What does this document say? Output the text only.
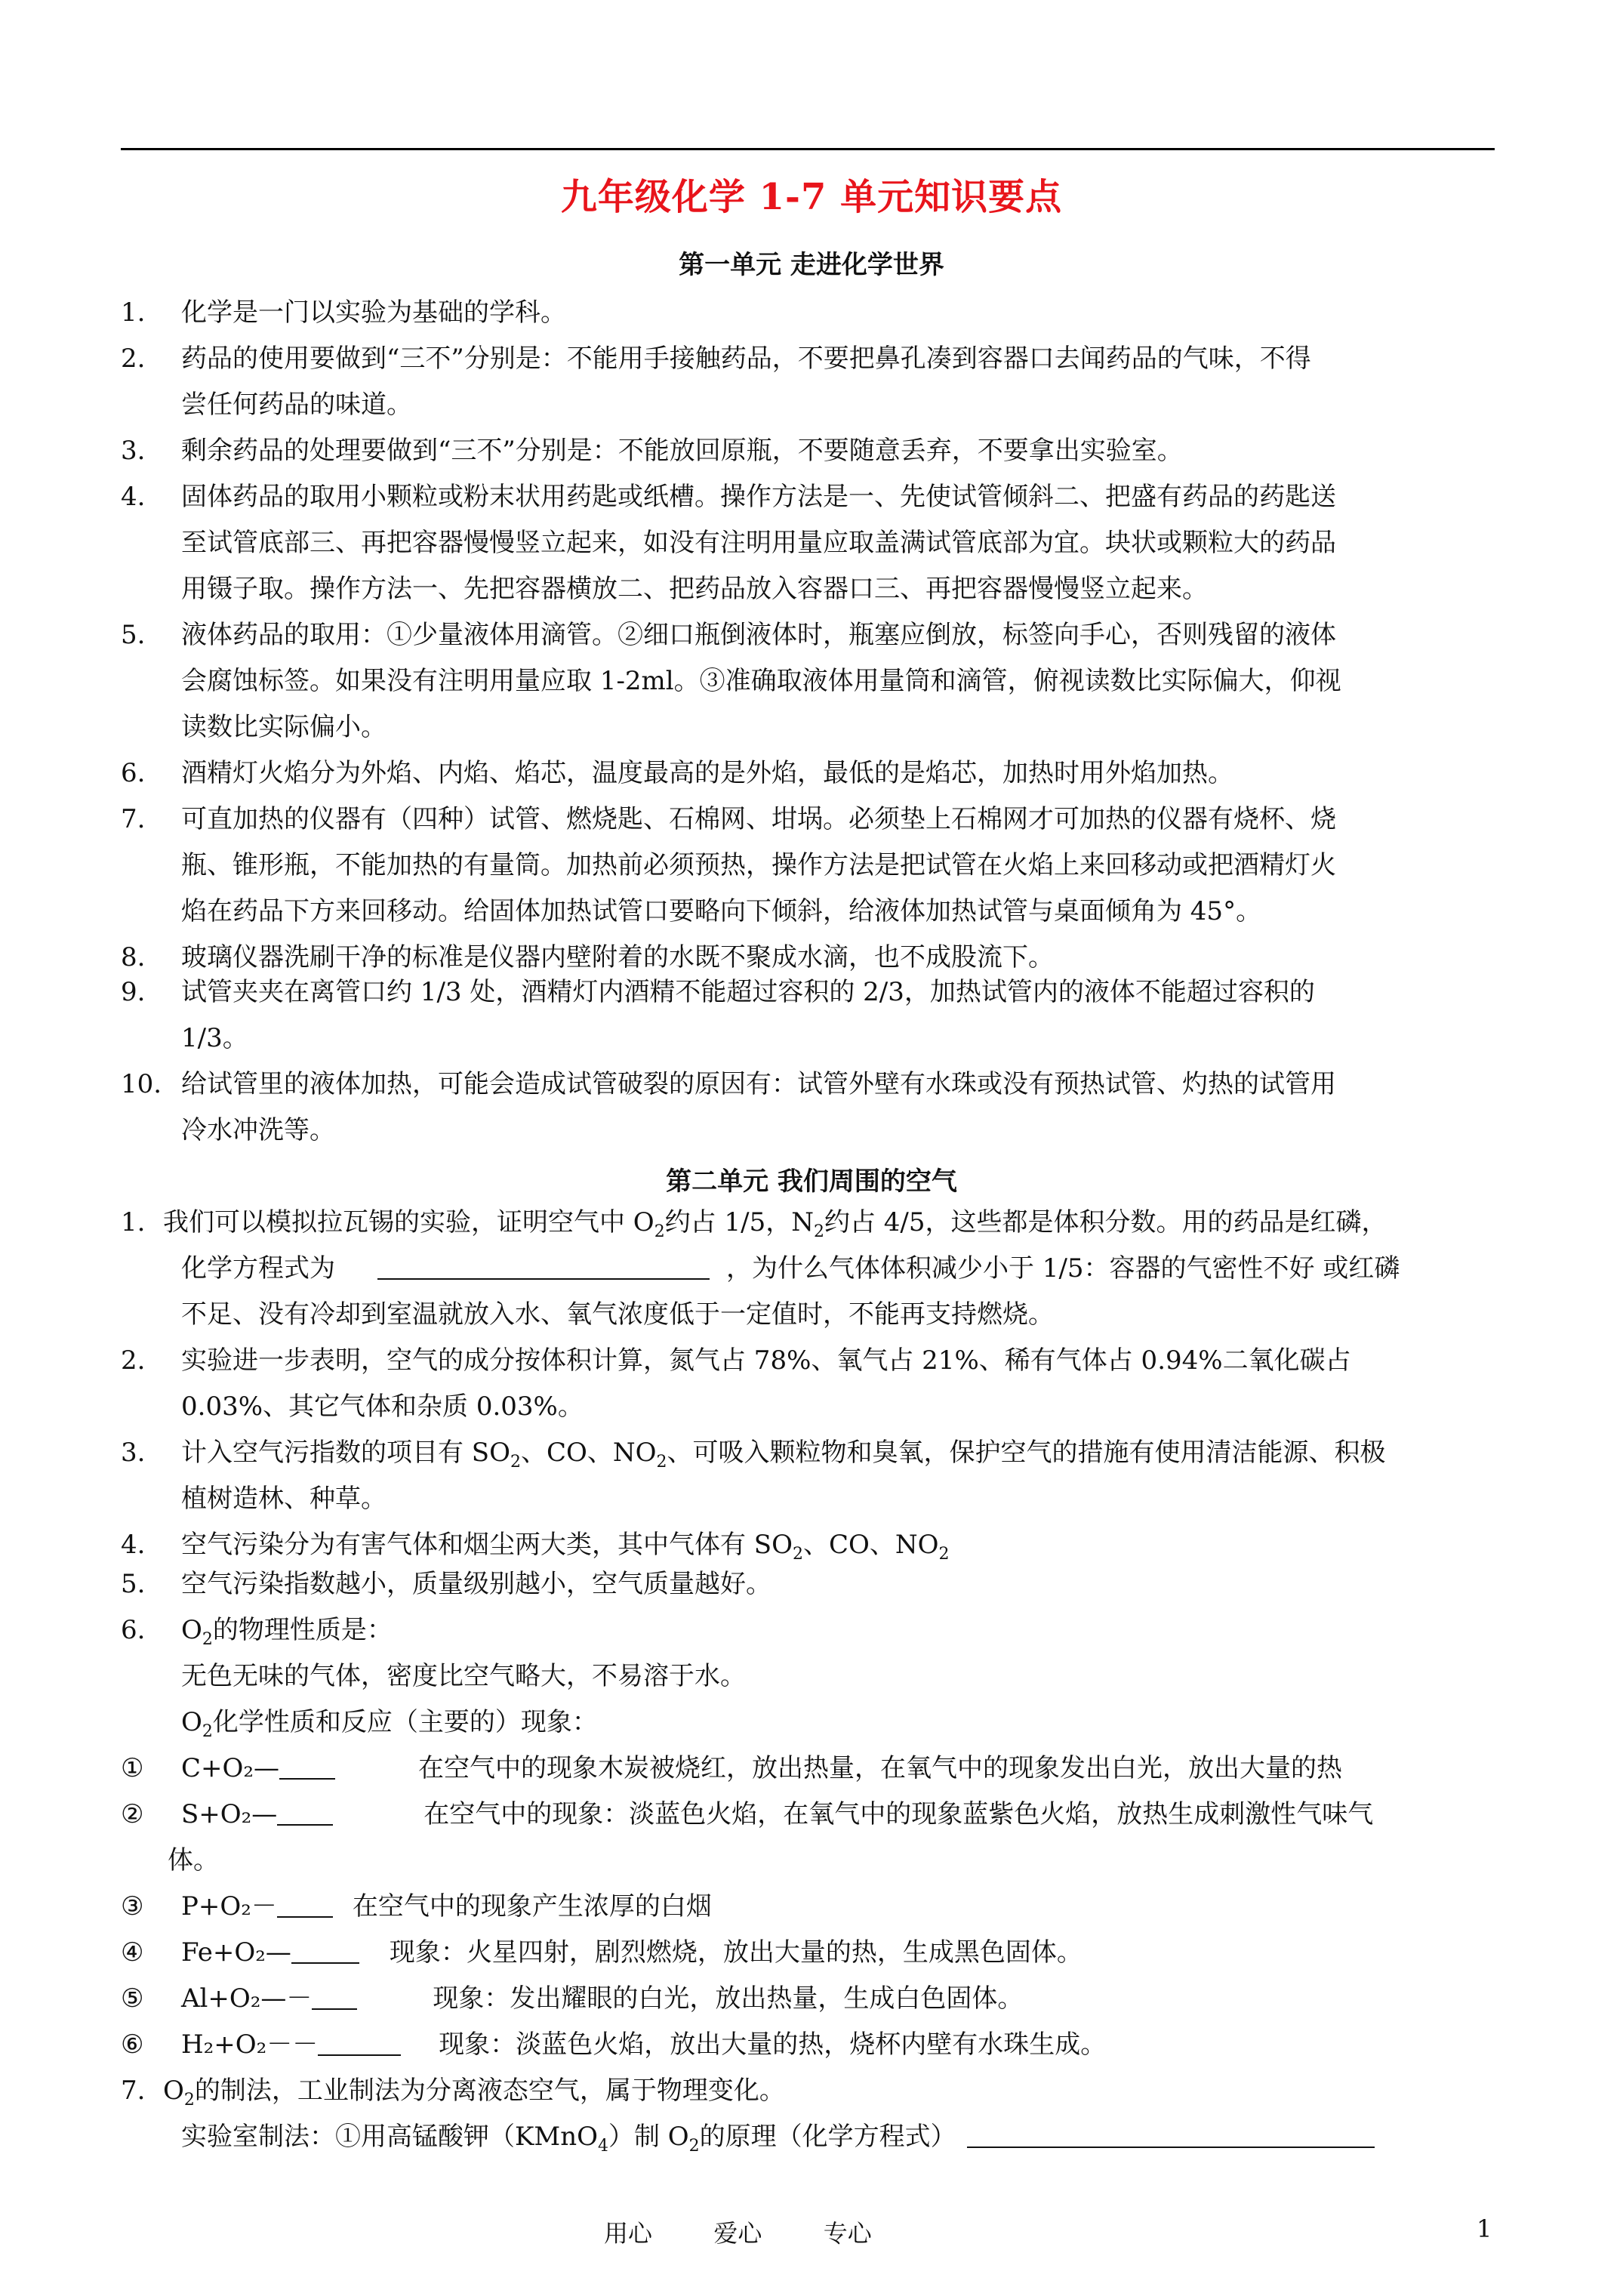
九年级化学 1-7 单元知识要点
第一单元 走进化学世界
1. 化学是一门以实验为基础的学科。
2. 药品的使用要做到“三不”分别是：不能用手接触药品，不要把鼻孔凑到容器口去闻药品的气味，不得
尝任何药品的味道。
3. 剩余药品的处理要做到“三不”分别是：不能放回原瓶，不要随意丢弃，不要拿出实验室。
4. 固体药品的取用小颗粒或粉末状用药匙或纸槽。操作方法是一、先使试管倾斜二、把盛有药品的药匙送
至试管底部三、再把容器慢慢竖立起来，如没有注明用量应取盖满试管底部为宜。块状或颗粒大的药品
用镊子取。操作方法一、先把容器横放二、把药品放入容器口三、再把容器慢慢竖立起来。
5. 液体药品的取用：①少量液体用滴管。②细口瓶倒液体时，瓶塞应倒放，标签向手心，否则残留的液体
会腐蚀标签。如果没有注明用量应取 1-2ml。③准确取液体用量筒和滴管，俯视读数比实际偏大，仰视
读数比实际偏小。
6. 酒精灯火焰分为外焰、内焰、焰芯，温度最高的是外焰，最低的是焰芯，加热时用外焰加热。
7. 可直加热的仪器有（四种）试管、燃烧匙、石棉网、坩埚。必须垫上石棉网才可加热的仪器有烧杯、烧
瓶、锥形瓶，不能加热的有量筒。加热前必须预热，操作方法是把试管在火焰上来回移动或把酒精灯火
焰在药品下方来回移动。给固体加热试管口要略向下倾斜，给液体加热试管与桌面倾角为 45°。
8. 玻璃仪器洗刷干净的标准是仪器内壁附着的水既不聚成水滴，也不成股流下。
9. 试管夹夹在离管口约 1/3 处，酒精灯内酒精不能超过容积的 2/3，加热试管内的液体不能超过容积的
1/3。
10. 给试管里的液体加热，可能会造成试管破裂的原因有：试管外壁有水珠或没有预热试管、灼热的试管用
冷水冲洗等。
第二单元 我们周围的空气
1. 我们可以模拟拉瓦锡的实验，证明空气中 $O_2$约占 1/5，$N_2$约占 4/5，这些都是体积分数。用的药品是红磷，
化学方程式为	，为什么气体体积减少小于 1/5：容器的气密性不好 或红磷
不足、没有冷却到室温就放入水、氧气浓度低于一定值时，不能再支持燃烧。
2. 实验进一步表明，空气的成分按体积计算，氮气占 78%、氧气占 21%、稀有气体占 0.94%二氧化碳占
0.03%、其它气体和杂质 0.03%。
3. 计入空气污指数的项目有 $SO_2$、CO、$NO_2$、可吸入颗粒物和臭氧，保护空气的措施有使用清洁能源、积极
植树造林、种草。
4. 空气污染分为有害气体和烟尘两大类，其中气体有 $SO_2$、CO、$NO_2$
5. 空气污染指数越小，质量级别越小，空气质量越好。
6. $O_2$的物理性质是：
无色无味的气体，密度比空气略大，不易溶于水。
$O_2$化学性质和反应（主要的）现象：
① C+O₂—	在空气中的现象木炭被烧红，放出热量，在氧气中的现象发出白光，放出大量的热
② S+O₂—	在空气中的现象：淡蓝色火焰，在氧气中的现象蓝紫色火焰，放热生成刺激性气味气
体。
③ P+O₂－	在空气中的现象产生浓厚的白烟
④ Fe+O₂—	现象：火星四射，剧烈燃烧，放出大量的热，生成黑色固体。
⑤ Al+O₂—－	现象：发出耀眼的白光，放出热量，生成白色固体。
⑥ H₂+O₂－－	现象：淡蓝色火焰，放出大量的热，烧杯内壁有水珠生成。
7. $O_2$的制法，工业制法为分离液态空气，属于物理变化。
实验室制法：①用高锰酸钾（KMnO$_4$）制 $O_2$的原理（化学方程式）
用心        爱心        专心	1
